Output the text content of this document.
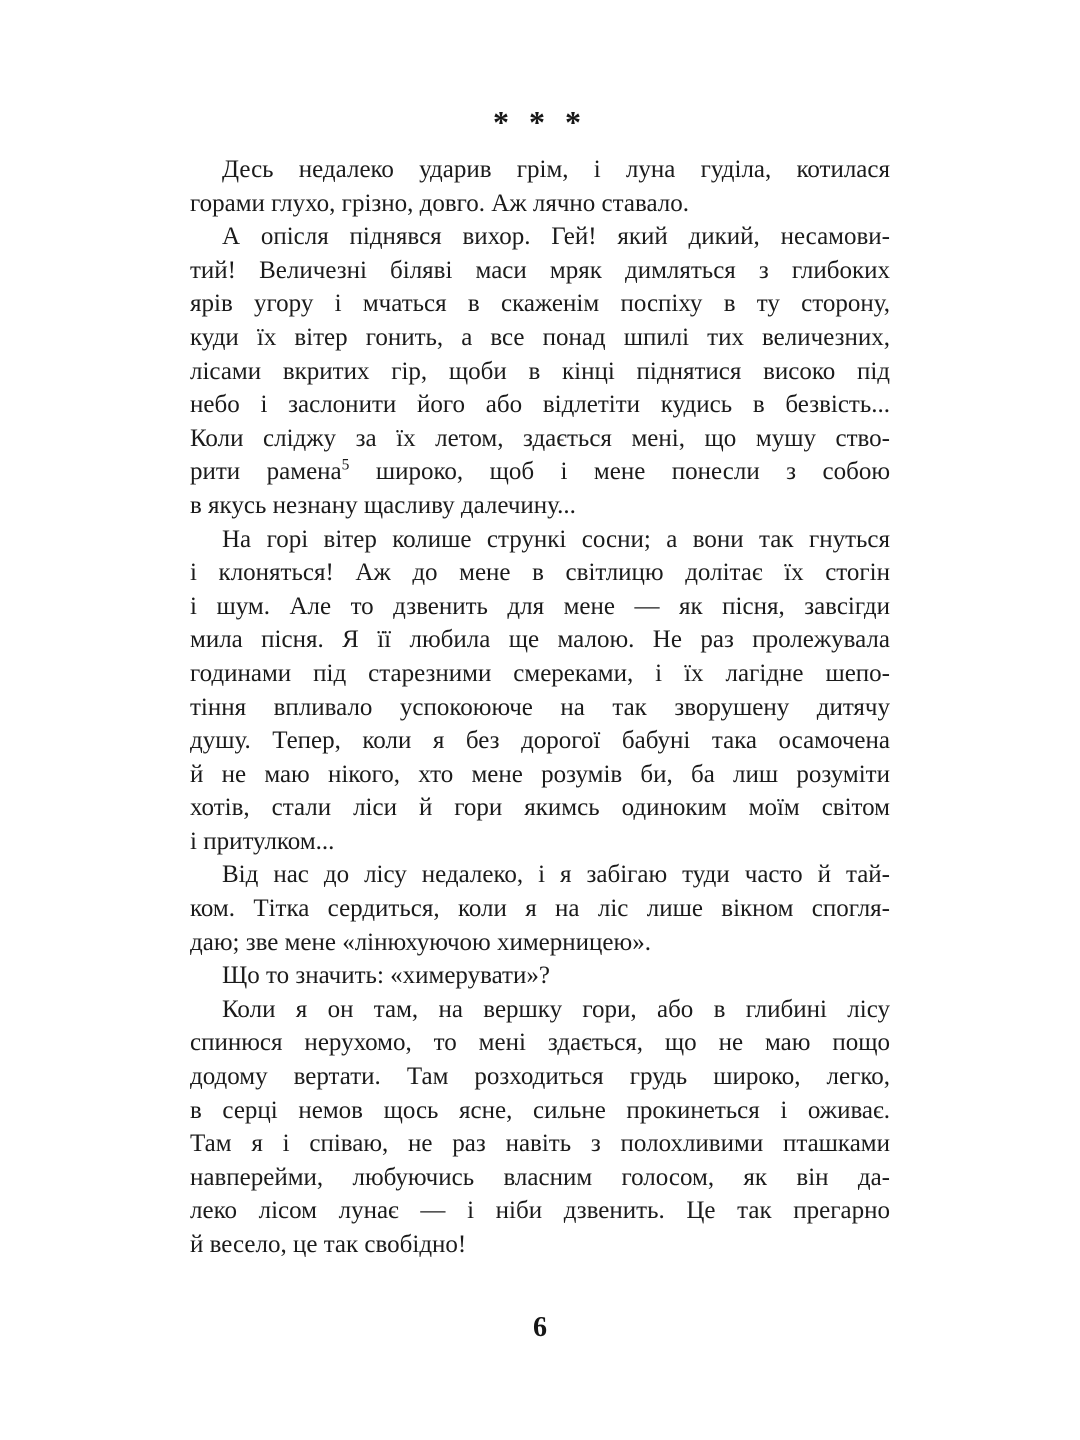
* * *
Десь недалеко ударив грім, і луна гуділа, котилася
горами глухо, грізно, довго. Аж лячно ставало.
А опісля піднявся вихор. Гей! який дикий, несамови-
тий! Величезні біляві маси мряк димляться з глибоких
ярів угору і мчаться в скаженім поспіху в ту сторону,
куди їх вітер гонить, а все понад шпилі тих величезних,
лісами вкритих гір, щоби в кінці піднятися високо під
небо і заслонити його або відлетіти кудись в безвість...
Коли сліджу за їх летом, здається мені, що мушу ство-
рити рамена$^5$ широко, щоб і мене понесли з собою
в якусь незнану щасливу далечину...
На горі вітер колише стрункі сосни; а вони так гнуться
і клоняться! Аж до мене в світлицю долітає їх стогін
і шум. Але то дзвенить для мене — як пісня, завсігди
мила пісня. Я її любила ще малою. Не раз пролежувала
годинами під старезними смереками, і їх лагідне шепо-
тіння впливало успокоююче на так зворушену дитячу
душу. Тепер, коли я без дорогої бабуні така осамочена
й не маю нікого, хто мене розумів би, ба лиш розуміти
хотів, стали ліси й гори якимсь одиноким моїм світом
і притулком...
Від нас до лісу недалеко, і я забігаю туди часто й тай-
ком. Тітка сердиться, коли я на ліс лише вікном спогля-
даю; зве мене «лінюхуючою химерницею».
Що то значить: «химерувати»?
Коли я он там, на вершку гори, або в глибині лісу
спинюся нерухомо, то мені здається, що не маю пощо
додому вертати. Там розходиться грудь широко, легко,
в серці немов щось ясне, сильне прокинеться і оживає.
Там я і співаю, не раз навіть з полохливими пташками
навперейми, любуючись власним голосом, як він да-
леко лісом лунає — і ніби дзвенить. Це так прегарно
й весело, це так свобідно!
6
